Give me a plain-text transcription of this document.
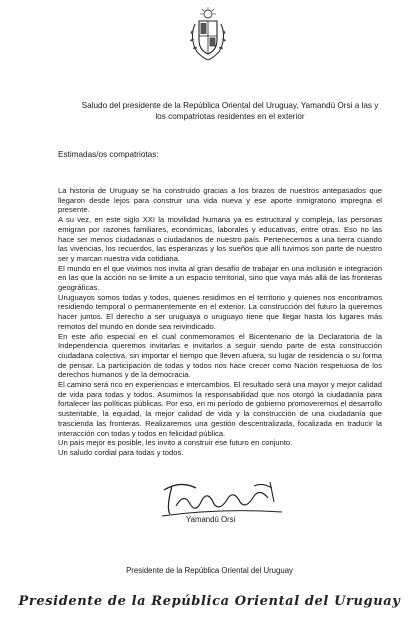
Saludo del presidente de la República Oriental del Uruguay, Yamandú Orsi a las y los compatriotas residentes en el exterior
Estimadas/os compatriotas:

La historia de Uruguay se ha construido gracias a los brazos de nuestros antepasados que llegaron desde lejos para construir una vida nueva y ese aporte inmigratorio impregna el presente.

A su vez, en este siglo XXI la movilidad humana ya es estructural y compleja, las personas emigran por razones familiares, económicas, laborales y educativas, entre otras. Eso no las hace ser menos ciudadanas o ciudadanos de nuestro país. Pertenecemos a una tierra cuando las vivencias, los recuerdos, las esperanzas y los sueños que allí tuvimos son parte de nuestro ser y marcan nuestra vida cotidiana.

El mundo en el que vivimos nos invita al gran desafío de trabajar en una inclusión e integración en las que la acción no se limite a un espacio territorial, sino que vaya más allá de las fronteras geográficas.

Uruguayos somos todas y todos, quienes residimos en el territorio y quienes nos encontramos residiendo temporal o permanentemente en el exterior. La construcción del futuro la queremos hacer juntos. El derecho a ser uruguaya o uruguayo tiene que llegar hasta los lugares más remotos del mundo en donde sea reivindicado.

En este año especial en el cual conmemoramos el Bicentenario de la Declaratoria de la Independencia queremos invitarlas e invitarlos a seguir siendo parte de esta construcción ciudadana colectiva, sin importar el tiempo que lleven afuera, su lugar de residencia o su forma de pensar. La participación de todas y todos nos hace crecer como Nación respetuosa de los derechos humanos y de la democracia.

El camino será rico en experiencias e intercambios. El resultado será una mayor y mejor calidad de vida para todas y todos. Asumimos la responsabilidad que nos otorgó la ciudadanía para fortalecer las políticas públicas. Por eso, en mi período de gobierno promoveremos el desarrollo sustentable, la equidad, la mejor calidad de vida y la construcción de una ciudadanía que trascienda las fronteras. Realizaremos una gestión descentralizada, focalizada en traducir la interacción con todas y todos en felicidad pública.

Un país mejor es posible, les invito a construir ese futuro en conjunto.

Un saludo cordial para todas y todos.

Yamandú Orsi
Presidente de la República Oriental del Uruguay
Presidente de la República Oriental del Uruguay
